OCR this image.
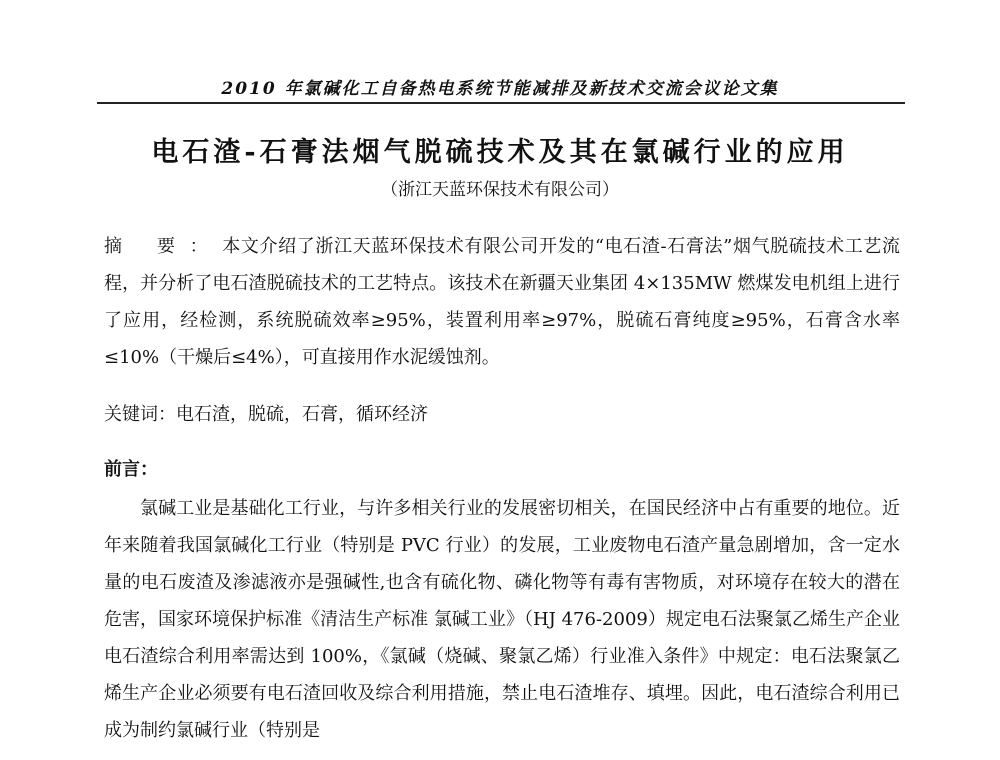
2010 年氯碱化工自备热电系统节能减排及新技术交流会议论文集
电石渣-石膏法烟气脱硫技术及其在氯碱行业的应用
（浙江天蓝环保技术有限公司）
摘 要：本文介绍了浙江天蓝环保技术有限公司开发的“电石渣-石膏法”烟气脱硫技术工艺流程，并分析了电石渣脱硫技术的工艺特点。该技术在新疆天业集团 4×135MW 燃煤发电机组上进行了应用，经检测，系统脱硫效率≥95%，装置利用率≥97%，脱硫石膏纯度≥95%，石膏含水率≤10%（干燥后≤4%），可直接用作水泥缓蚀剂。
关键词：电石渣，脱硫，石膏，循环经济
前言：
氯碱工业是基础化工行业，与许多相关行业的发展密切相关，在国民经济中占有重要的地位。近年来随着我国氯碱化工行业（特别是 PVC 行业）的发展，工业废物电石渣产量急剧增加，含一定水量的电石废渣及渗滤液亦是强碱性,也含有硫化物、磷化物等有毒有害物质，对环境存在较大的潜在危害，国家环境保护标准《清洁生产标准 氯碱工业》（HJ 476-2009）规定电石法聚氯乙烯生产企业电石渣综合利用率需达到 100%，《氯碱（烧碱、聚氯乙烯）行业准入条件》中规定：电石法聚氯乙烯生产企业必须要有电石渣回收及综合利用措施，禁止电石渣堆存、填埋。因此，电石渣综合利用已成为制约氯碱行业（特别是
